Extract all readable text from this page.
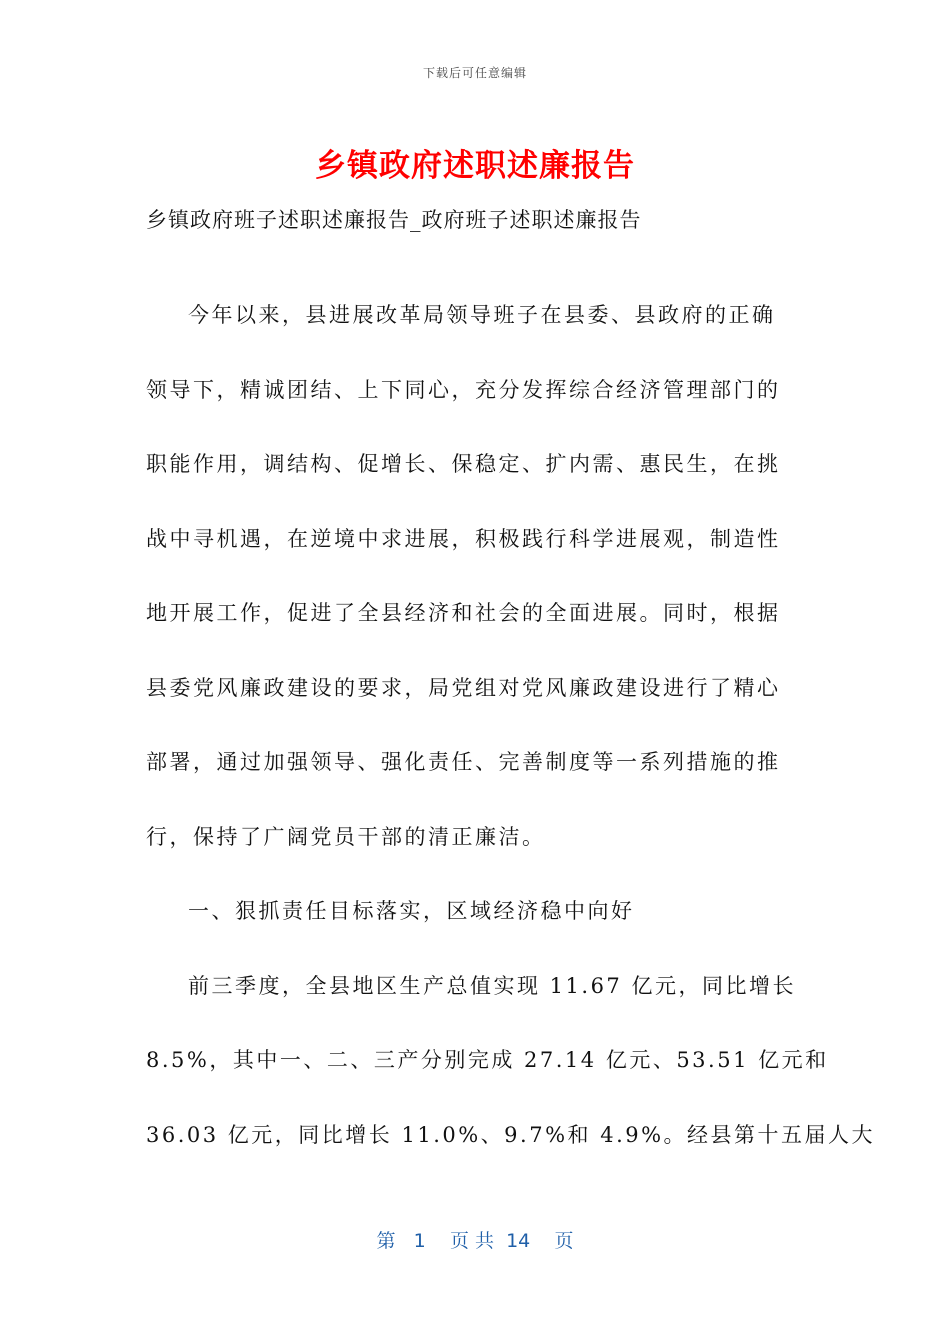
下载后可任意编辑
乡镇政府述职述廉报告
乡镇政府班子述职述廉报告_政府班子述职述廉报告

今年以来，县进展改革局领导班子在县委、县政府的正确
领导下，精诚团结、上下同心，充分发挥综合经济管理部门的
职能作用，调结构、促增长、保稳定、扩内需、惠民生，在挑
战中寻机遇，在逆境中求进展，积极践行科学进展观，制造性
地开展工作，促进了全县经济和社会的全面进展。同时，根据
县委党风廉政建设的要求，局党组对党风廉政建设进行了精心
部署，通过加强领导、强化责任、完善制度等一系列措施的推
行，保持了广阔党员干部的清正廉洁。

一、狠抓责任目标落实，区域经济稳中向好

前三季度，全县地区生产总值实现 11.67 亿元，同比增长
8.5%，其中一、二、三产分别完成 27.14 亿元、53.51 亿元和
36.03 亿元，同比增长 11.0%、9.7%和 4.9%。经县第十五届人大

第 1 页 共 14 页
